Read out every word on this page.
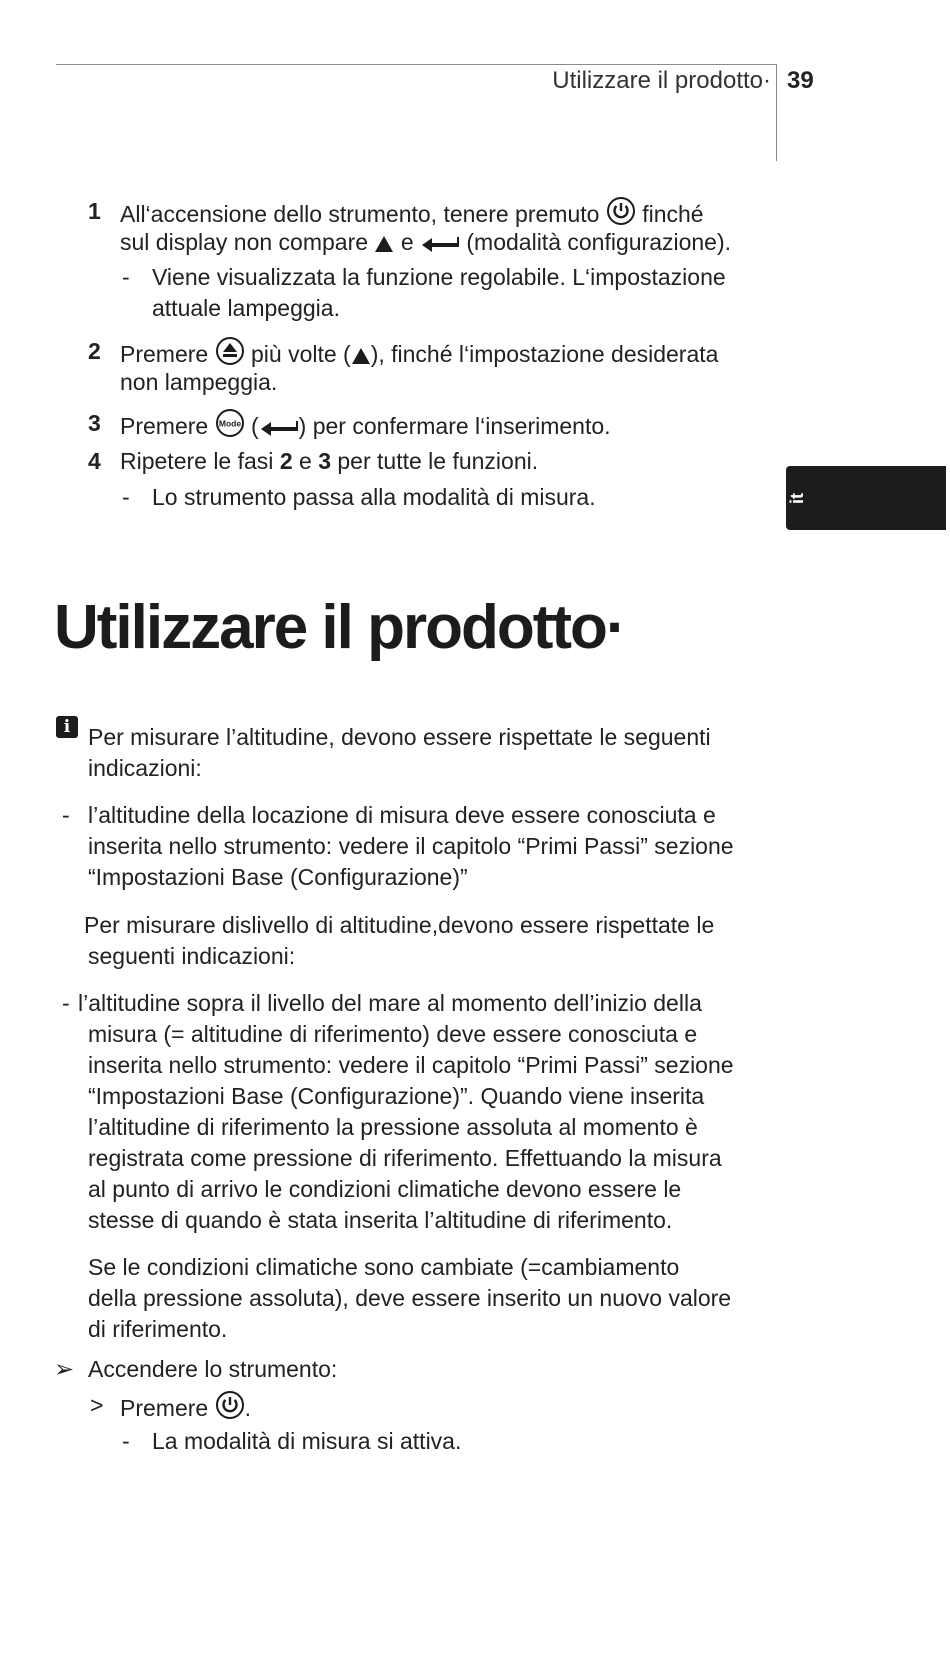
Utilizzare il prodotto· 39
it
1 All‘accensione dello strumento, tenere premuto finché
sul display non compare e (modalità configurazione).
- Viene visualizzata la funzione regolabile. L‘impostazione
attuale lampeggia.
2 Premere più volte ( ), finché l‘impostazione desiderata
non lampeggia.
3 Premere Mode ( ) per confermare l‘inserimento.
4 Ripetere le fasi 2 e 3 per tutte le funzioni.
- Lo strumento passa alla modalità di misura.
Utilizzare il prodotto·
i Per misurare l’altitudine, devono essere rispettate le seguenti
indicazioni:
- l’altitudine della locazione di misura deve essere conosciuta e
inserita nello strumento: vedere il capitolo “Primi Passi” sezione
“Impostazioni Base (Configurazione)”
Per misurare dislivello di altitudine,devono essere rispettate le
seguenti indicazioni:
- l’altitudine sopra il livello del mare al momento dell’inizio della
misura (= altitudine di riferimento) deve essere conosciuta e
inserita nello strumento: vedere il capitolo “Primi Passi” sezione
“Impostazioni Base (Configurazione)”. Quando viene inserita
l’altitudine di riferimento la pressione assoluta al momento è
registrata come pressione di riferimento. Effettuando la misura
al punto di arrivo le condizioni climatiche devono essere le
stesse di quando è stata inserita l’altitudine di riferimento.
Se le condizioni climatiche sono cambiate (=cambiamento
della pressione assoluta), deve essere inserito un nuovo valore
di riferimento.
➢ Accendere lo strumento:
> Premere .
- La modalità di misura si attiva.
